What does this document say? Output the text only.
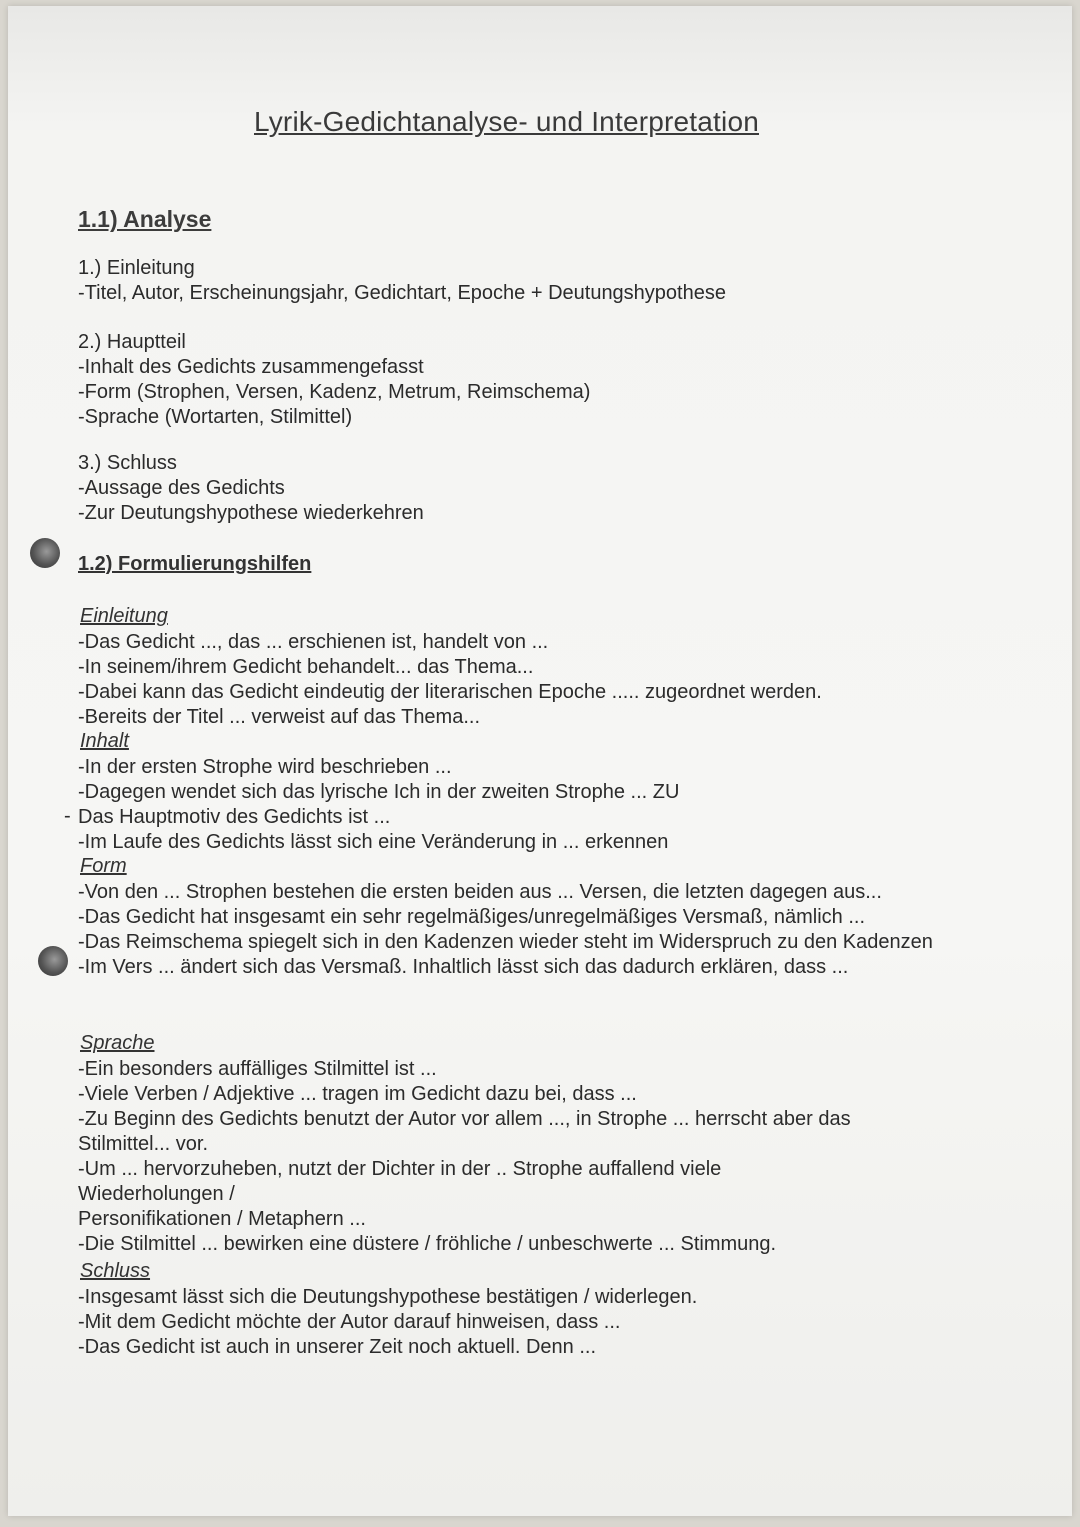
Lyrik-Gedichtanalyse- und Interpretation
1.1) Analyse
1.) Einleitung
-Titel, Autor, Erscheinungsjahr, Gedichtart, Epoche + Deutungshypothese
2.) Hauptteil
-Inhalt des Gedichts zusammengefasst
-Form (Strophen, Versen, Kadenz, Metrum, Reimschema)
-Sprache (Wortarten, Stilmittel)
3.) Schluss
-Aussage des Gedichts
-Zur Deutungshypothese wiederkehren
1.2) Formulierungshilfen
Einleitung
-Das Gedicht ..., das ... erschienen ist, handelt von ...
-In seinem/ihrem Gedicht behandelt... das Thema...
-Dabei kann das Gedicht eindeutig der literarischen Epoche ..... zugeordnet werden.
-Bereits der Titel ... verweist auf das Thema...
Inhalt
-In der ersten Strophe wird beschrieben ...
-Dagegen wendet sich das lyrische Ich in der zweiten Strophe ... ZU
Das Hauptmotiv des Gedichts ist ...
-Im Laufe des Gedichts lässt sich eine Veränderung in ... erkennen
-
Form
-Von den ... Strophen bestehen die ersten beiden aus ... Versen, die letzten dagegen aus...
-Das Gedicht hat insgesamt ein sehr regelmäßiges/unregelmäßiges Versmaß, nämlich ...
-Das Reimschema spiegelt sich in den Kadenzen wieder steht im Widerspruch zu den Kadenzen
-Im Vers ... ändert sich das Versmaß. Inhaltlich lässt sich das dadurch erklären, dass ...
Sprache
-Ein besonders auffälliges Stilmittel ist ...
-Viele Verben / Adjektive ... tragen im Gedicht dazu bei, dass ...
-Zu Beginn des Gedichts benutzt der Autor vor allem ..., in Strophe ... herrscht aber das Stilmittel... vor.
-Um ... hervorzuheben, nutzt der Dichter in der .. Strophe auffallend viele Wiederholungen /
Personifikationen / Metaphern ...
-Die Stilmittel ... bewirken eine düstere / fröhliche / unbeschwerte ... Stimmung.
Schluss
-Insgesamt lässt sich die Deutungshypothese bestätigen / widerlegen.
-Mit dem Gedicht möchte der Autor darauf hinweisen, dass ...
-Das Gedicht ist auch in unserer Zeit noch aktuell. Denn ...
